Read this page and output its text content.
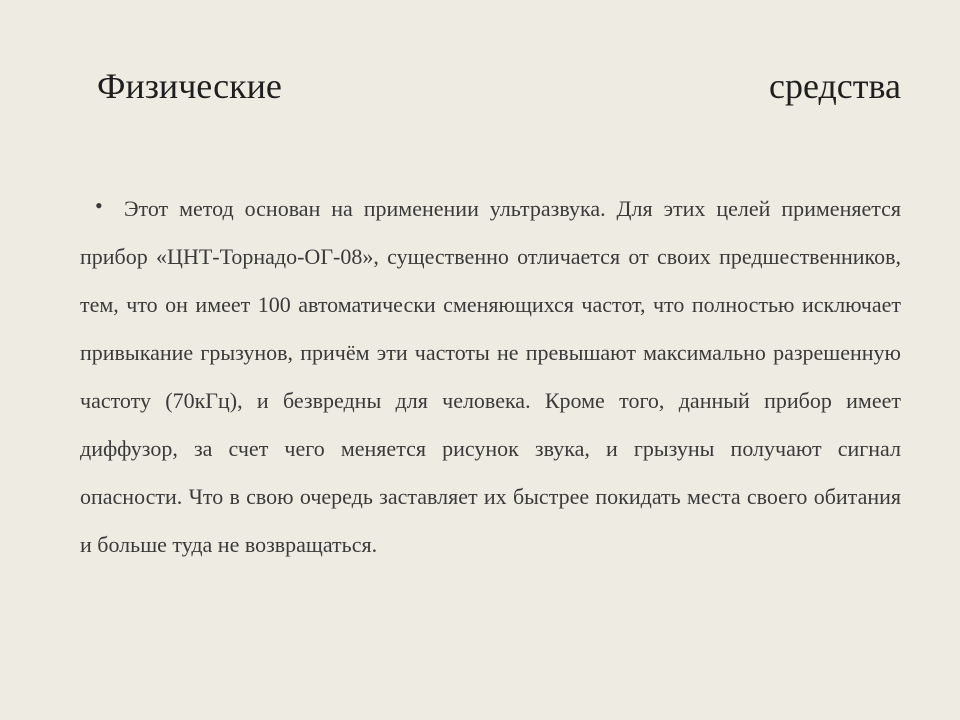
Физические	средства
• Этот метод основан на применении ультразвука. Для этих целей применяется прибор «ЦНТ-Торнадо-ОГ-08», существенно отличается от своих предшественников, тем, что он имеет 100 автоматически сменяющихся частот, что полностью исключает привыкание грызунов, причём эти частоты не превышают максимально разрешенную частоту (70кГц), и безвредны для человека. Кроме того, данный прибор имеет диффузор, за счет чего меняется рисунок звука, и грызуны получают сигнал опасности. Что в свою очередь заставляет их быстрее покидать места своего обитания и больше туда не возвращаться.
